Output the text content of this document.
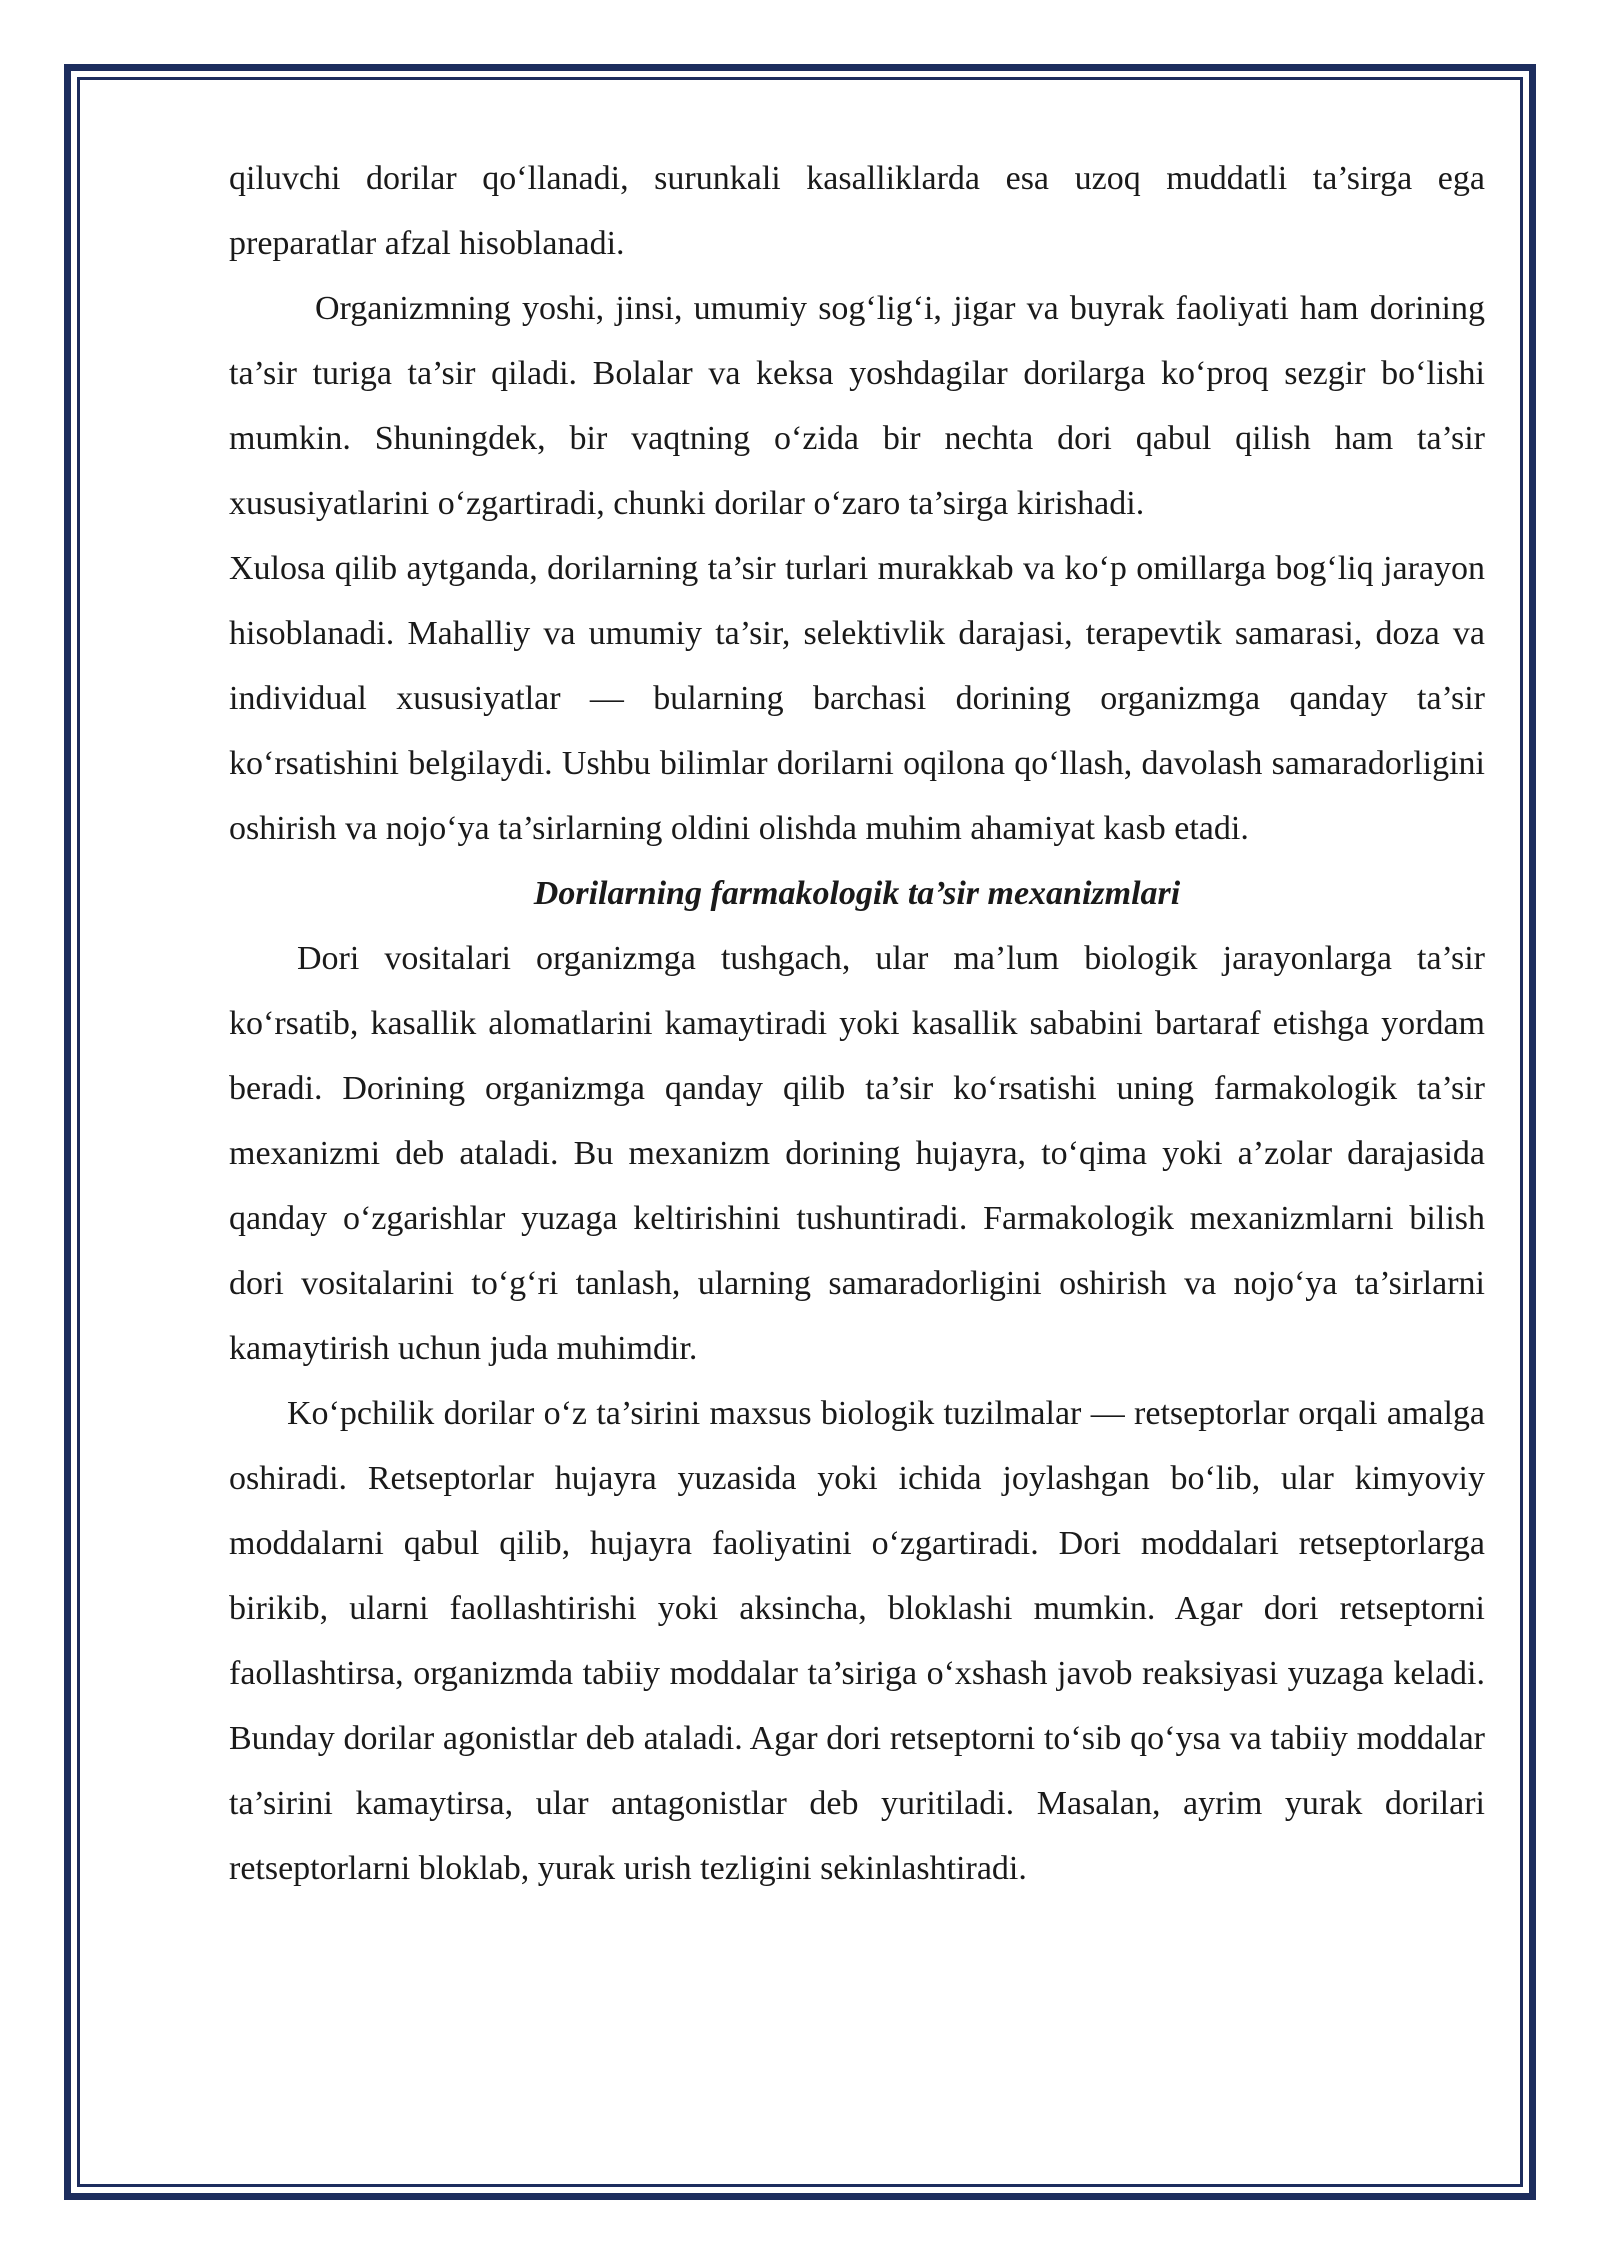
qiluvchi dorilar qo‘llanadi, surunkali kasalliklarda esa uzoq muddatli ta’sirga ega preparatlar afzal hisoblanadi.

Organizmning yoshi, jinsi, umumiy sog‘lig‘i, jigar va buyrak faoliyati ham dorining ta’sir turiga ta’sir qiladi. Bolalar va keksa yoshdagilar dorilarga ko‘proq sezgir bo‘lishi mumkin. Shuningdek, bir vaqtning o‘zida bir nechta dori qabul qilish ham ta’sir xususiyatlarini o‘zgartiradi, chunki dorilar o‘zaro ta’sirga kirishadi.

Xulosa qilib aytganda, dorilarning ta’sir turlari murakkab va ko‘p omillarga bog‘liq jarayon hisoblanadi. Mahalliy va umumiy ta’sir, selektivlik darajasi, terapevtik samarasi, doza va individual xususiyatlar — bularning barchasi dorining organizmga qanday ta’sir ko‘rsatishini belgilaydi. Ushbu bilimlar dorilarni oqilona qo‘llash, davolash samaradorligini oshirish va nojo‘ya ta’sirlarning oldini olishda muhim ahamiyat kasb etadi.

Dorilarning farmakologik ta’sir mexanizmlari

Dori vositalari organizmga tushgach, ular ma’lum biologik jarayonlarga ta’sir ko‘rsatib, kasallik alomatlarini kamaytiradi yoki kasallik sababini bartaraf etishga yordam beradi. Dorining organizmga qanday qilib ta’sir ko‘rsatishi uning farmakologik ta’sir mexanizmi deb ataladi. Bu mexanizm dorining hujayra, to‘qima yoki a’zolar darajasida qanday o‘zgarishlar yuzaga keltirishini tushuntiradi. Farmakologik mexanizmlarni bilish dori vositalarini to‘g‘ri tanlash, ularning samaradorligini oshirish va nojo‘ya ta’sirlarni kamaytirish uchun juda muhimdir.

Ko‘pchilik dorilar o‘z ta’sirini maxsus biologik tuzilmalar — retseptorlar orqali amalga oshiradi. Retseptorlar hujayra yuzasida yoki ichida joylashgan bo‘lib, ular kimyoviy moddalarni qabul qilib, hujayra faoliyatini o‘zgartiradi. Dori moddalari retseptorlarga birikib, ularni faollashtirishi yoki aksincha, bloklashi mumkin. Agar dori retseptorni faollashtirsa, organizmda tabiiy moddalar ta’siriga o‘xshash javob reaksiyasi yuzaga keladi. Bunday dorilar agonistlar deb ataladi. Agar dori retseptorni to‘sib qo‘ysa va tabiiy moddalar ta’sirini kamaytirsa, ular antagonistlar deb yuritiladi. Masalan, ayrim yurak dorilari retseptorlarni bloklab, yurak urish tezligini sekinlashtiradi.
